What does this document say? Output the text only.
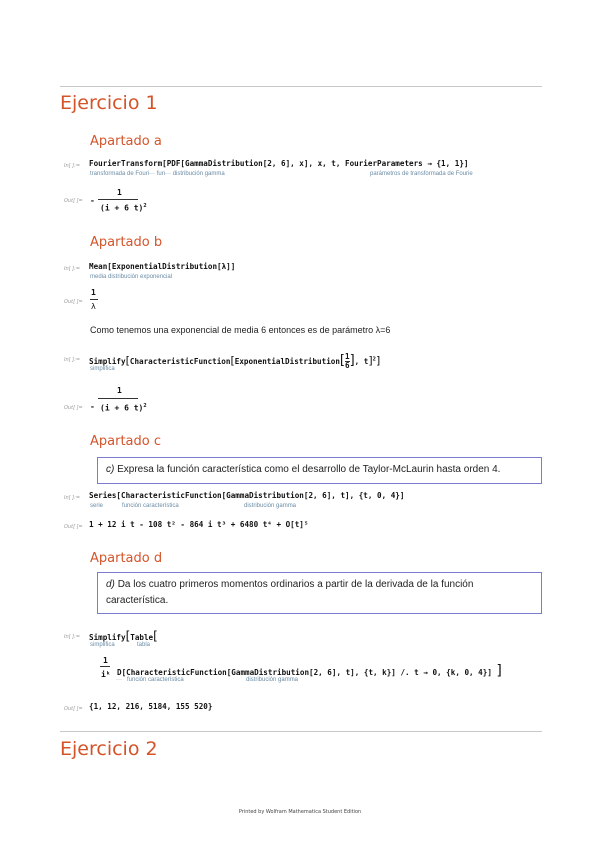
Ejercicio 1
Apartado a
In[ ]:= FourierTransform[PDF[GammaDistribution[2, 6], x], x, t, FourierParameters → {1, 1}]
transformada de Fouri··· fun··· distribución gamma	parámetros de transformada de Fourie
Out[ ]= -
1
(i + 6 t)$^2$
Apartado b
In[ ]:= Mean[ExponentialDistribution[λ]]
media distribución exponencial
Out[ ]=
1
λ
Como tenemos una exponencial de media 6 entonces es de parámetro λ=6
In[ ]:= Simplify[CharacteristicFunction[ExponentialDistribution[ $\frac{1}{6}$ ], t]$^2$]
simplifica
Out[ ]= -
1
(i + 6 t)$^2$
Apartado c
c) Expresa la función característica como el desarrollo de Taylor-McLaurin hasta orden 4.
In[ ]:= Series[CharacteristicFunction[GammaDistribution[2, 6], t], {t, 0, 4}]
serie	función característica	distribución gamma
Out[ ]= 1 + 12 i t - 108 t² - 864 i t³ + 6480 t⁴ + O[t]⁵
Apartado d
d) Da los cuatro primeros momentos ordinarios a partir de la derivada de la función característica.
In[ ]:= Simplify[Table[
simplifica	tabla
1
iᵏ D[CharacteristicFunction[GammaDistribution[2, 6], t], {t, k}] /. t → 0, {k, 0, 4}] ]
··· función característica	distribución gamma
Out[ ]= {1, 12, 216, 5184, 155 520}
Ejercicio 2
Printed by Wolfram Mathematica Student Edition
